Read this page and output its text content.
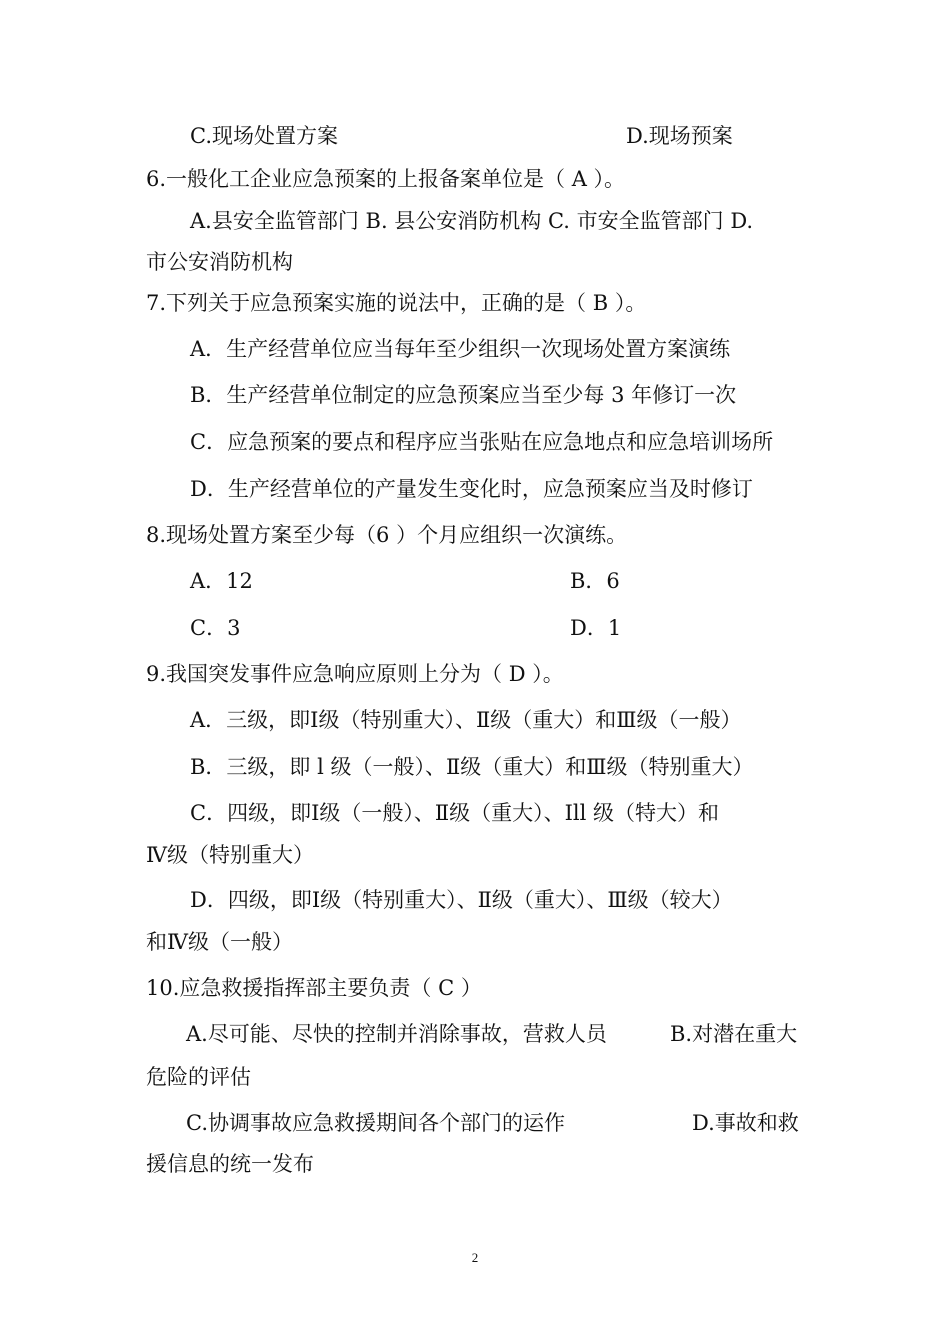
C.现场处置方案	D.现场预案
6.一般化工企业应急预案的上报备案单位是（ A ）。
A.县安全监管部门 B. 县公安消防机构 C. 市安全监管部门 D.
市公安消防机构
7.下列关于应急预案实施的说法中，正确的是（ B ）。
A．生产经营单位应当每年至少组织一次现场处置方案演练
B．生产经营单位制定的应急预案应当至少每 3 年修订一次
C．应急预案的要点和程序应当张贴在应急地点和应急培训场所
D．生产经营单位的产量发生变化时，应急预案应当及时修订
8.现场处置方案至少每（6 ）个月应组织一次演练。
A．12	B．6
C．3	D．1
9.我国突发事件应急响应原则上分为（ D ）。
A．三级，即Ⅰ级（特别重大）、Ⅱ级（重大）和Ⅲ级（一般）
B．三级，即 l 级（一般）、Ⅱ级（重大）和Ⅲ级（特别重大）
C．四级，即Ⅰ级（一般）、Ⅱ级（重大）、Ill 级（特大）和
Ⅳ级（特别重大）
D．四级，即Ⅰ级（特别重大）、Ⅱ级（重大）、Ⅲ级（较大）
和Ⅳ级（一般）
10.应急救援指挥部主要负责（ C ）
A.尽可能、尽快的控制并消除事故，营救人员	B.对潜在重大
危险的评估
C.协调事故应急救援期间各个部门的运作	D.事故和救
援信息的统一发布
2
